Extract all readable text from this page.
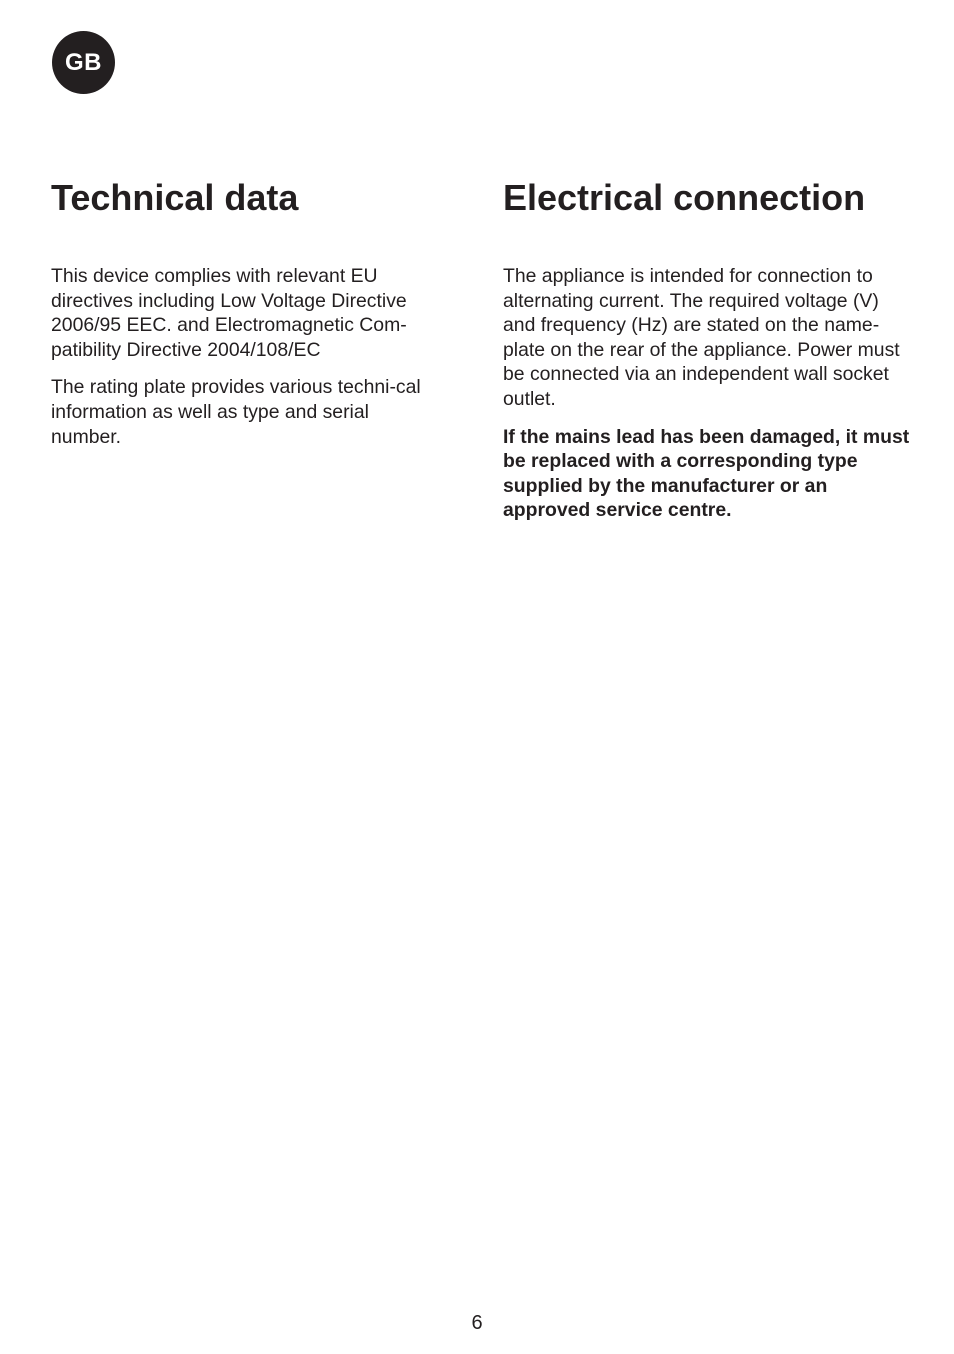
GB
Technical data

This device complies with relevant EU directives including Low Voltage Directive 2006/95 EEC. and Electromagnetic Com-patibility Directive 2004/108/EC

The rating plate provides various techni-cal information as well as type and serial number.

Electrical connection

The appliance is intended for connection to alternating current. The required voltage (V) and frequency (Hz) are stated on the name-plate on the rear of the appliance. Power must be connected via an independent wall socket outlet.

If the mains lead has been damaged, it must be replaced with a corresponding type supplied by the manufacturer or an approved service centre.

6
